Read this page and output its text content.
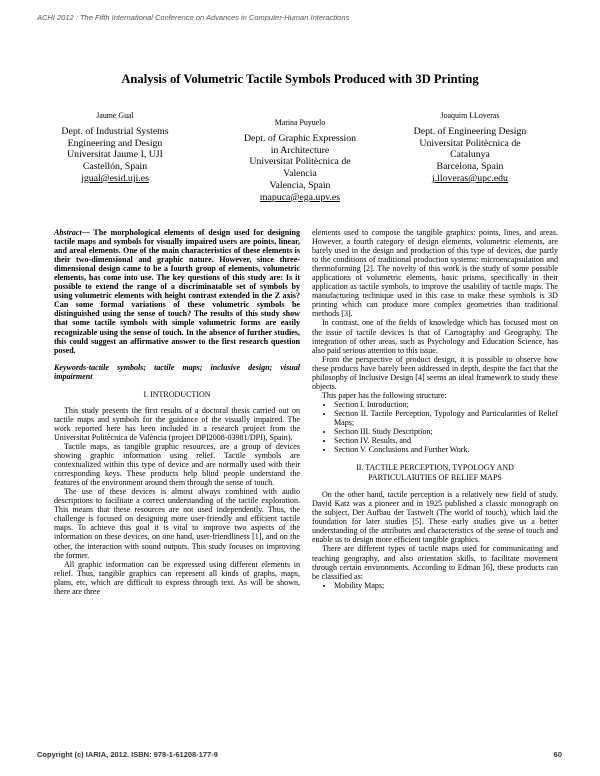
ACHI 2012 : The Fifth International Conference on Advances in Computer-Human Interactions
Analysis of Volumetric Tactile Symbols Produced with 3D Printing
Jaume Gual
Dept. of Industrial Systems
Engineering and Design
Universitat Jaume I, UJI
Castellón, Spain
jgual@esid.uji.es
Marina Puyuelo
Dept. of Graphic Expression
in Architecture
Universitat Politècnica de
Valencia
Valencia, Spain
mapuca@ega.upv.es
Joaquim LLoveras
Dept. of Engineering Design
Universitat Politècnica de
Catalunya
Barcelona, Spain
j.lloveras@upc.edu

Abstract— The morphological elements of design used for designing tactile maps and symbols for visually impaired users are points, linear, and areal elements. One of the main characteristics of these elements is their two-dimensional and graphic nature. However, since three-dimensional design came to be a fourth group of elements, volumetric elements, has come into use. The key questions of this study are: Is it possible to extend the range of a discriminatable set of symbols by using volumetric elements with height contrast extended in the Z axis? Can some formal variations of these volumetric symbols be distinguished using the sense of touch? The results of this study show that some tactile symbols with simple volumetric forms are easily recognizable using the sense of touch. In the absence of further studies, this could suggest an affirmative answer to the first research question posed.

Keywords-tactile symbols; tactile maps; inclusive design; visual impairment

I. INTRODUCTION

This study presents the first results of a doctoral thesis carried out on tactile maps and symbols for the guidance of the visually impaired. The work reported here has been included in a research project from the Universitat Politècnica de València (project DPI2008-03981/DPI), Spain).

Tactile maps, as tangible graphic resources, are a group of devices showing graphic information using relief. Tactile symbols are contextualized within this type of device and are normally used with their corresponding keys. These products help blind people understand the features of the environment around them through the sense of touch.

The use of these devices is almost always combined with audio descriptions to facilitate a correct understanding of the tactile exploration. This means that these resources are not used independently. Thus, the challenge is focused on designing more user-friendly and efficient tactile maps. To achieve this goal it is vital to improve two aspects of the information on these devices, on one hand, user-friendliness [1], and on the other, the interaction with sound outputs. This study focuses on improving the former.

All graphic information can be expressed using different elements in relief. Thus, tangible graphics can represent all kinds of graphs, maps, plans, etc, which are difficult to express through text. As will be shown, there are three

elements used to compose the tangible graphics: points, lines, and areas. However, a fourth category of design elements, volumetric elements, are barely used in the design and production of this type of devices, due partly to the conditions of traditional production systems: microencapsulation and thermoforming [2]. The novelty of this work is the study of some possible applications of volumetric elements, basic prisms, specifically in their application as tactile symbols, to improve the usability of tactile maps. The manufacturing technique used in this case to make these symbols is 3D printing which can produce more complex geometries than traditional methods [3].

In contrast, one of the fields of knowledge which has focused most on the issue of tactile devices is that of Cartography and Geography. The integration of other areas, such as Psychology and Education Science, has also paid serious attention to this issue.

From the perspective of product design, it is possible to observe how these products have barely been addressed in depth, despite the fact that the philosophy of Inclusive Design [4] seems an ideal framework to study these objects.

This paper has the following structure:

• Section I. Introduction;
• Section II. Tactile Perception, Typology and Particularities of Relief Maps;
• Section III. Study Description;
• Section IV. Results, and
• Section V. Conclusions and Further Work.

II. TACTILE PERCEPTION, TYPOLOGY AND
PARTICULARITIES OF RELIEF MAPS

On the other hand, tactile perception is a relatively new field of study. David Katz was a pioneer and in 1925 published a classic monograph on the subject, Der Aufbau der Tastwelt (The world of touch), which laid the foundation for later studies [5]. These early studies give us a better understanding of the attributes and characteristics of the sense of touch and enable us to design more efficient tangible graphics.

There are different types of tactile maps used for communicating and teaching geography, and also orientation skills, to facilitate movement through certain environments. According to Edman [6], these products can be classified as:

• Mobility Maps;
Copyright (c) IARIA, 2012. ISBN: 978-1-61208-177-9	60
